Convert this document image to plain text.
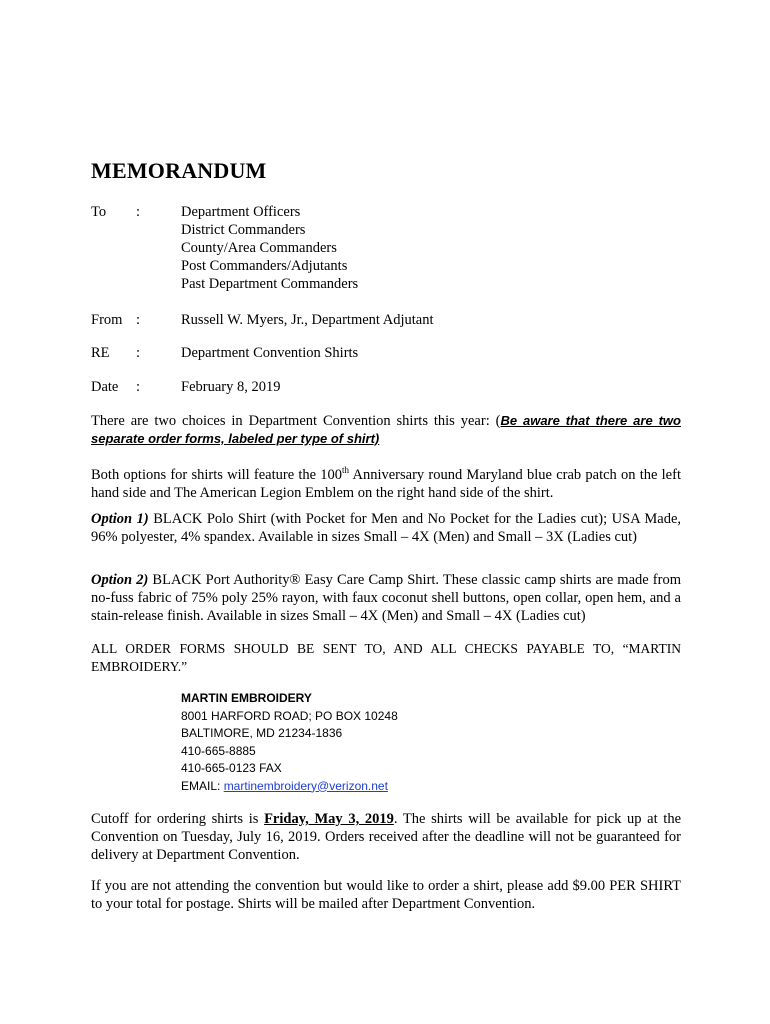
MEMORANDUM
To :	Department Officers
District Commanders
County/Area Commanders
Post Commanders/Adjutants
Past Department Commanders
From :	Russell W. Myers, Jr., Department Adjutant
RE :	Department Convention Shirts
Date :	February 8, 2019
There are two choices in Department Convention shirts this year: (Be aware that there are two separate order forms, labeled per type of shirt)
Both options for shirts will feature the 100th Anniversary round Maryland blue crab patch on the left hand side and The American Legion Emblem on the right hand side of the shirt.
Option 1) BLACK Polo Shirt (with Pocket for Men and No Pocket for the Ladies cut); USA Made, 96% polyester, 4% spandex. Available in sizes Small – 4X (Men) and Small – 3X (Ladies cut)
Option 2) BLACK Port Authority® Easy Care Camp Shirt. These classic camp shirts are made from no-fuss fabric of 75% poly 25% rayon, with faux coconut shell buttons, open collar, open hem, and a stain-release finish. Available in sizes Small – 4X (Men) and Small – 4X (Ladies cut)
ALL ORDER FORMS SHOULD BE SENT TO, AND ALL CHECKS PAYABLE TO, “MARTIN EMBROIDERY.”
MARTIN EMBROIDERY
8001 HARFORD ROAD; PO BOX 10248
BALTIMORE, MD 21234-1836
410-665-8885
410-665-0123 FAX
EMAIL: martinembroidery@verizon.net
Cutoff for ordering shirts is Friday, May 3, 2019. The shirts will be available for pick up at the Convention on Tuesday, July 16, 2019. Orders received after the deadline will not be guaranteed for delivery at Department Convention.
If you are not attending the convention but would like to order a shirt, please add $9.00 PER SHIRT to your total for postage. Shirts will be mailed after Department Convention.
